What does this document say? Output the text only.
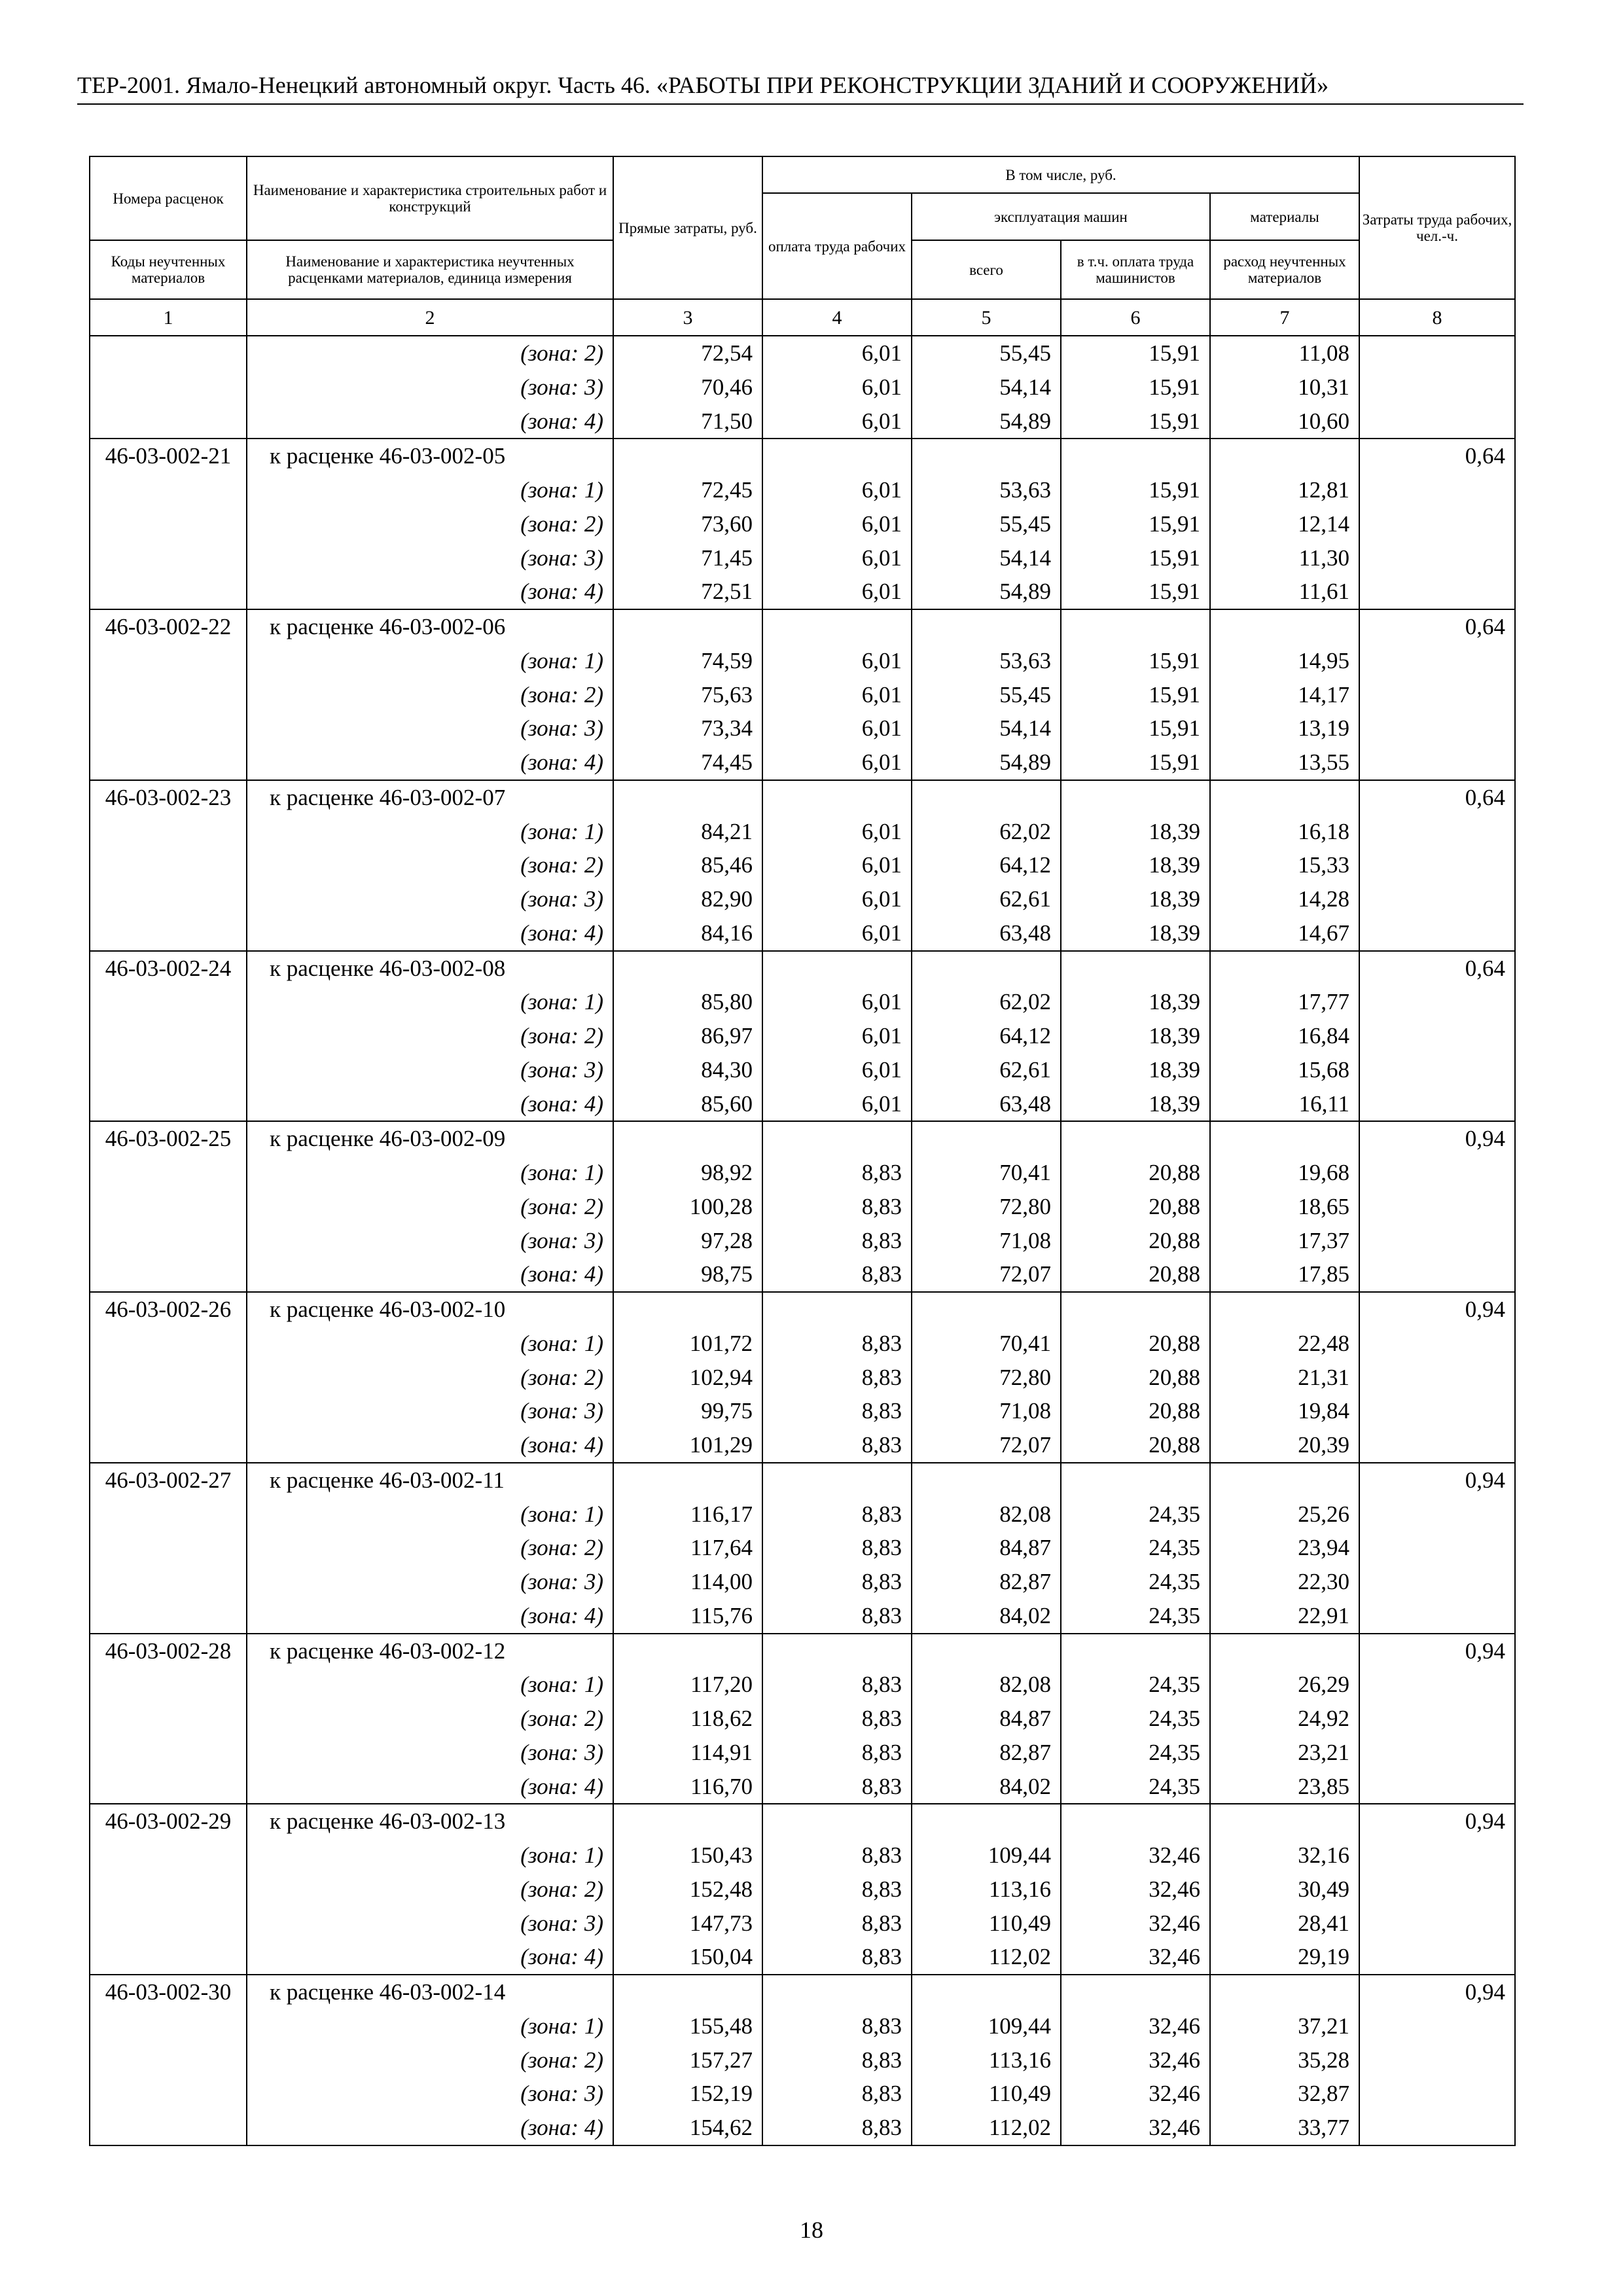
ТЕР-2001. Ямало-Ненецкий автономный округ. Часть 46. «РАБОТЫ ПРИ РЕКОНСТРУКЦИИ ЗДАНИЙ И СООРУЖЕНИЙ»
Номера расценок	Наименование и характеристика строительных работ и конструкций	Прямые затраты, руб.	В том числе, руб.				Затраты труда рабочих, чел.-ч.
			оплата труда рабочих	эксплуатация машин		материалы	
Коды неучтенных материалов	Наименование и характеристика неучтенных расценками материалов, единица измерения			всего	в т.ч. оплата труда машинистов	расход неучтенных материалов	

1	2	3	4	5	6	7	8
	(зона: 2)	72,54	6,01	55,45	15,91	11,08	
	(зона: 3)	70,46	6,01	54,14	15,91	10,31	
	(зона: 4)	71,50	6,01	54,89	15,91	10,60	
46-03-002-21	к расценке 46-03-002-05						0,64
	(зона: 1)	72,45	6,01	53,63	15,91	12,81	
	(зона: 2)	73,60	6,01	55,45	15,91	12,14	
	(зона: 3)	71,45	6,01	54,14	15,91	11,30	
	(зона: 4)	72,51	6,01	54,89	15,91	11,61	
46-03-002-22	к расценке 46-03-002-06						0,64
	(зона: 1)	74,59	6,01	53,63	15,91	14,95	
	(зона: 2)	75,63	6,01	55,45	15,91	14,17	
	(зона: 3)	73,34	6,01	54,14	15,91	13,19	
	(зона: 4)	74,45	6,01	54,89	15,91	13,55	
46-03-002-23	к расценке 46-03-002-07						0,64
	(зона: 1)	84,21	6,01	62,02	18,39	16,18	
	(зона: 2)	85,46	6,01	64,12	18,39	15,33	
	(зона: 3)	82,90	6,01	62,61	18,39	14,28	
	(зона: 4)	84,16	6,01	63,48	18,39	14,67	
46-03-002-24	к расценке 46-03-002-08						0,64
	(зона: 1)	85,80	6,01	62,02	18,39	17,77	
	(зона: 2)	86,97	6,01	64,12	18,39	16,84	
	(зона: 3)	84,30	6,01	62,61	18,39	15,68	
	(зона: 4)	85,60	6,01	63,48	18,39	16,11	
46-03-002-25	к расценке 46-03-002-09						0,94
	(зона: 1)	98,92	8,83	70,41	20,88	19,68	
	(зона: 2)	100,28	8,83	72,80	20,88	18,65	
	(зона: 3)	97,28	8,83	71,08	20,88	17,37	
	(зона: 4)	98,75	8,83	72,07	20,88	17,85	
46-03-002-26	к расценке 46-03-002-10						0,94
	(зона: 1)	101,72	8,83	70,41	20,88	22,48	
	(зона: 2)	102,94	8,83	72,80	20,88	21,31	
	(зона: 3)	99,75	8,83	71,08	20,88	19,84	
	(зона: 4)	101,29	8,83	72,07	20,88	20,39	
46-03-002-27	к расценке 46-03-002-11						0,94
	(зона: 1)	116,17	8,83	82,08	24,35	25,26	
	(зона: 2)	117,64	8,83	84,87	24,35	23,94	
	(зона: 3)	114,00	8,83	82,87	24,35	22,30	
	(зона: 4)	115,76	8,83	84,02	24,35	22,91	
46-03-002-28	к расценке 46-03-002-12						0,94
	(зона: 1)	117,20	8,83	82,08	24,35	26,29	
	(зона: 2)	118,62	8,83	84,87	24,35	24,92	
	(зона: 3)	114,91	8,83	82,87	24,35	23,21	
	(зона: 4)	116,70	8,83	84,02	24,35	23,85	
46-03-002-29	к расценке 46-03-002-13						0,94
	(зона: 1)	150,43	8,83	109,44	32,46	32,16	
	(зона: 2)	152,48	8,83	113,16	32,46	30,49	
	(зона: 3)	147,73	8,83	110,49	32,46	28,41	
	(зона: 4)	150,04	8,83	112,02	32,46	29,19	
46-03-002-30	к расценке 46-03-002-14						0,94
	(зона: 1)	155,48	8,83	109,44	32,46	37,21	
	(зона: 2)	157,27	8,83	113,16	32,46	35,28	
	(зона: 3)	152,19	8,83	110,49	32,46	32,87	
	(зона: 4)	154,62	8,83	112,02	32,46	33,77	
18
